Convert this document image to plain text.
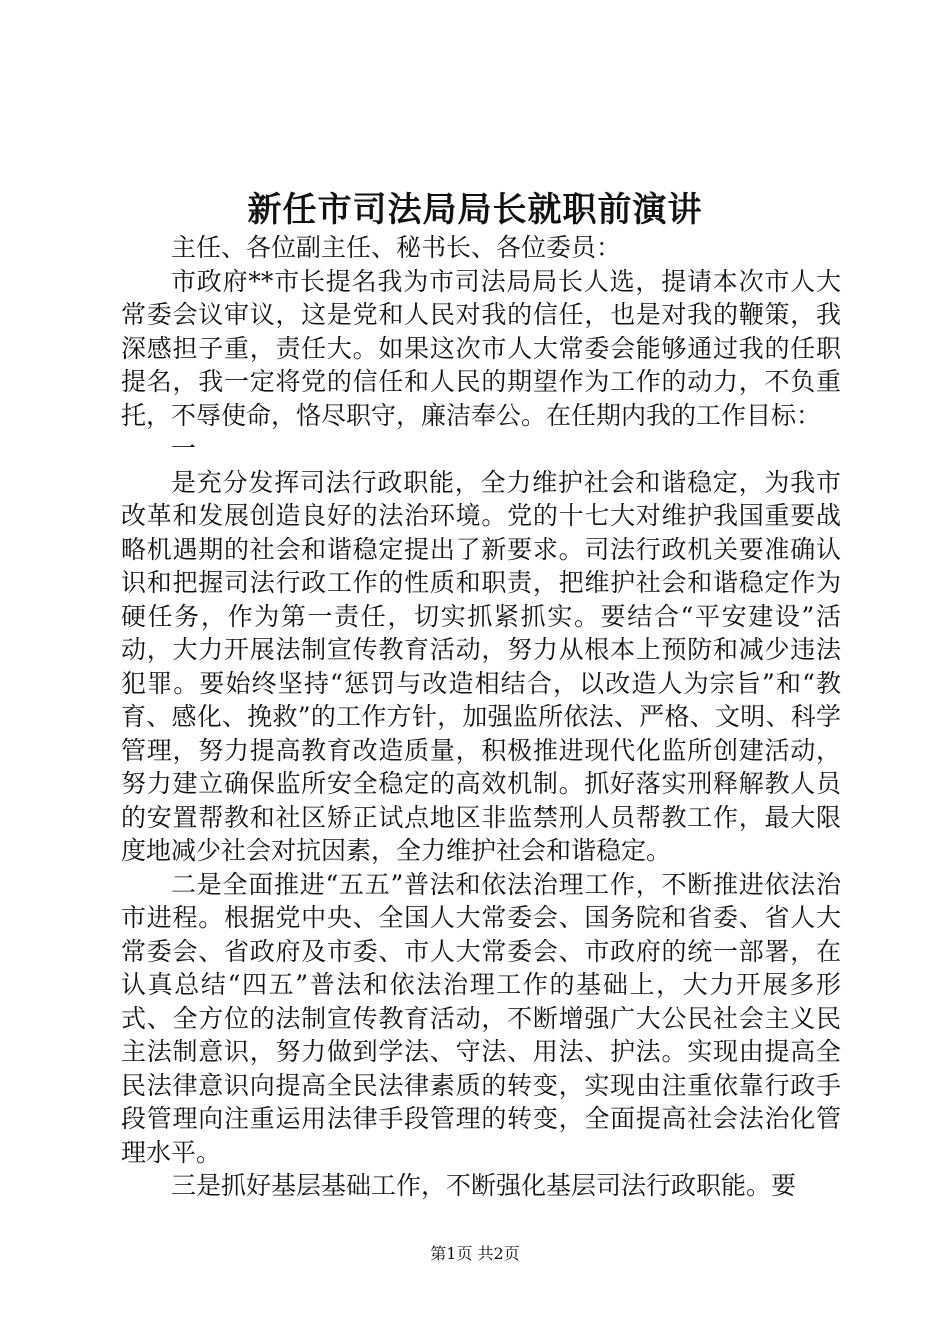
新任市司法局局长就职前演讲

主任、各位副主任、秘书长、各位委员：

市政府**市长提名我为市司法局局长人选，提请本次市人大常委会议审议，这是党和人民对我的信任，也是对我的鞭策，我深感担子重，责任大。如果这次市人大常委会能够通过我的任职提名，我一定将党的信任和人民的期望作为工作的动力，不负重托，不辱使命，恪尽职守，廉洁奉公。在任期内我的工作目标：

一

是充分发挥司法行政职能，全力维护社会和谐稳定，为我市改革和发展创造良好的法治环境。党的十七大对维护我国重要战略机遇期的社会和谐稳定提出了新要求。司法行政机关要准确认识和把握司法行政工作的性质和职责，把维护社会和谐稳定作为硬任务，作为第一责任，切实抓紧抓实。要结合“平安建设”活动，大力开展法制宣传教育活动，努力从根本上预防和减少违法犯罪。要始终坚持“惩罚与改造相结合，以改造人为宗旨”和“教育、感化、挽救”的工作方针，加强监所依法、严格、文明、科学管理，努力提高教育改造质量，积极推进现代化监所创建活动，努力建立确保监所安全稳定的高效机制。抓好落实刑释解教人员的安置帮教和社区矫正试点地区非监禁刑人员帮教工作，最大限度地减少社会对抗因素，全力维护社会和谐稳定。

二是全面推进“五五”普法和依法治理工作，不断推进依法治市进程。根据党中央、全国人大常委会、国务院和省委、省人大常委会、省政府及市委、市人大常委会、市政府的统一部署，在认真总结“四五”普法和依法治理工作的基础上，大力开展多形式、全方位的法制宣传教育活动，不断增强广大公民社会主义民主法制意识，努力做到学法、守法、用法、护法。实现由提高全民法律意识向提高全民法律素质的转变，实现由注重依靠行政手段管理向注重运用法律手段管理的转变，全面提高社会法治化管理水平。

三是抓好基层基础工作，不断强化基层司法行政职能。要

第1页 共2页
